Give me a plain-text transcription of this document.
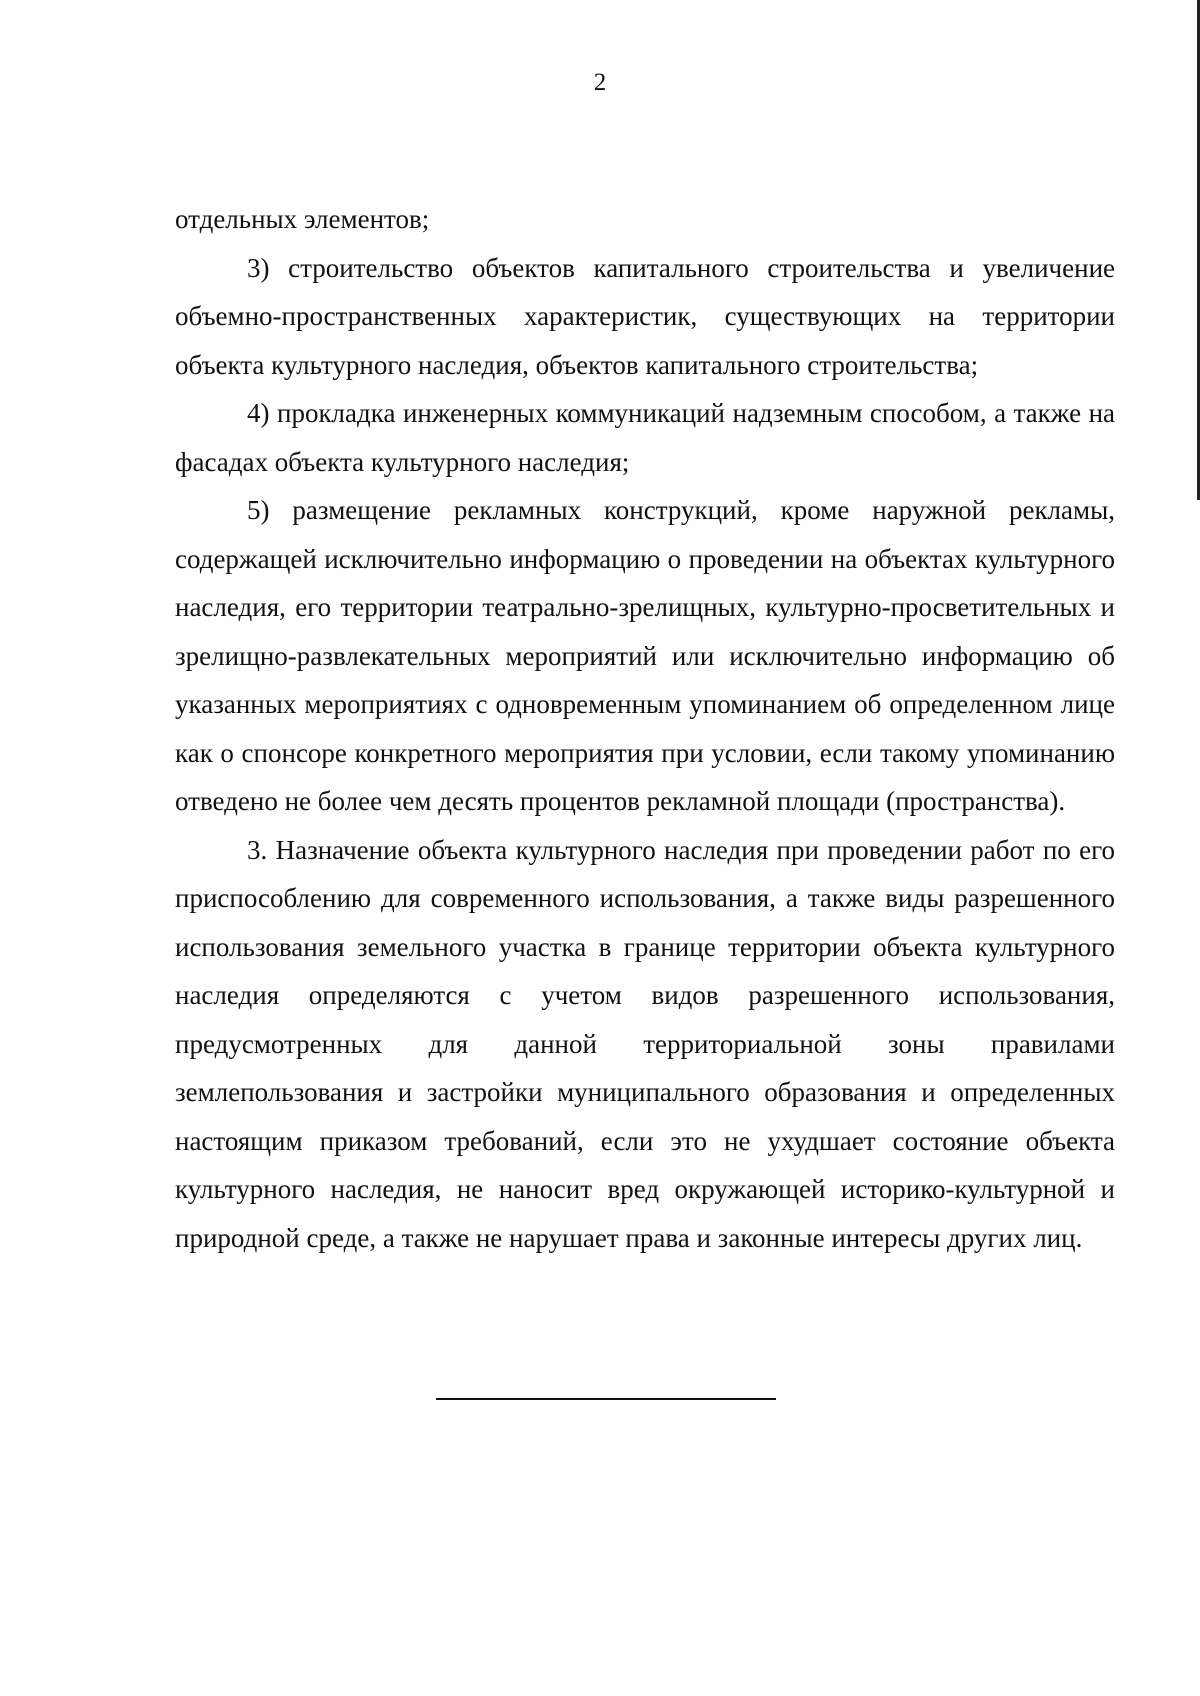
2

отдельных элементов;

3) строительство объектов капитального строительства и увеличение объемно-пространственных характеристик, существующих на территории объекта культурного наследия, объектов капитального строительства;

4) прокладка инженерных коммуникаций надземным способом, а также на фасадах объекта культурного наследия;

5) размещение рекламных конструкций, кроме наружной рекламы, содержащей исключительно информацию о проведении на объектах культурного наследия, его территории театрально-зрелищных, культурно-просветительных и зрелищно-развлекательных мероприятий или исключительно информацию об указанных мероприятиях с одновременным упоминанием об определенном лице как о спонсоре конкретного мероприятия при условии, если такому упоминанию отведено не более чем десять процентов рекламной площади (пространства).

3. Назначение объекта культурного наследия при проведении работ по его приспособлению для современного использования, а также виды разрешенного использования земельного участка в границе территории объекта культурного наследия определяются с учетом видов разрешенного использования, предусмотренных для данной территориальной зоны правилами землепользования и застройки муниципального образования и определенных настоящим приказом требований, если это не ухудшает состояние объекта культурного наследия, не наносит вред окружающей историко-культурной и природной среде, а также не нарушает права и законные интересы других лиц.
